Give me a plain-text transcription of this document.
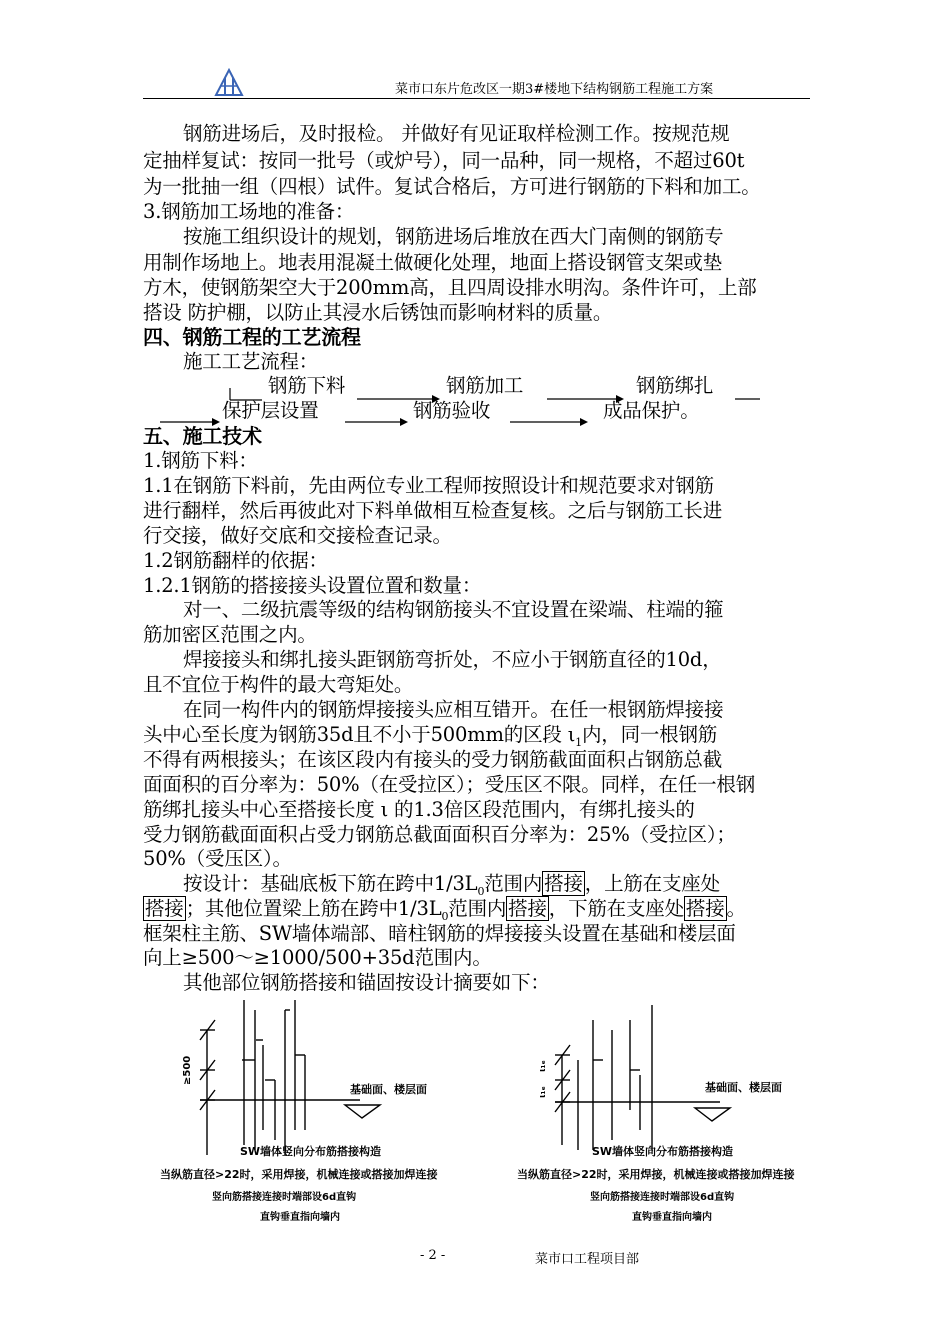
菜市口东片危改区一期3#楼地下结构钢筋工程施工方案
钢筋进场后，及时报检。 并做好有见证取样检测工作。按规范规
定抽样复试：按同一批号（或炉号），同一品种，同一规格，不超过60t
为一批抽一组（四根）试件。复试合格后，方可进行钢筋的下料和加工。
3.钢筋加工场地的准备：
按施工组织设计的规划，钢筋进场后堆放在西大门南侧的钢筋专
用制作场地上。地表用混凝土做硬化处理，地面上搭设钢管支架或垫
方木，使钢筋架空大于200mm高，且四周设排水明沟。条件许可，上部
搭设 防护棚，以防止其浸水后锈蚀而影响材料的质量。
四、钢筋工程的工艺流程
施工工艺流程：
钢筋下料	钢筋加工	钢筋绑扎
保护层设置	钢筋验收	成品保护。
五、施工技术
1.钢筋下料：
1.1在钢筋下料前，先由两位专业工程师按照设计和规范要求对钢筋
进行翻样，然后再彼此对下料单做相互检查复核。之后与钢筋工长进
行交接，做好交底和交接检查记录。
1.2钢筋翻样的依据：
1.2.1钢筋的搭接接头设置位置和数量：
对一、二级抗震等级的结构钢筋接头不宜设置在梁端、柱端的箍
筋加密区范围之内。
焊接接头和绑扎接头距钢筋弯折处，不应小于钢筋直径的10d，
且不宜位于构件的最大弯矩处。
在同一构件内的钢筋焊接接头应相互错开。在任一根钢筋焊接接
头中心至长度为钢筋35d且不小于500mm的区段 $\iota_1$内，同一根钢筋
不得有两根接头；在该区段内有接头的受力钢筋截面面积占钢筋总截
面面积的百分率为：50%（在受拉区）；受压区不限。同样，在任一根钢
筋绑扎接头中心至搭接长度 ι 的1.3倍区段范围内，有绑扎接头的
受力钢筋截面面积占受力钢筋总截面面积百分率为：25%（受拉区）；
50%（受压区）。
按设计：基础底板下筋在跨中$1/3L_0$范围内 搭接 ，上筋在支座处
搭接 ；其他位置梁上筋在跨中$1/3L_0$范围内 搭接 ，下筋在支座处 搭接 。
框架柱主筋、SW墙体端部、暗柱钢筋的焊接接头设置在基础和楼层面
向上≥500～≥1000/500+35d范围内。
其他部位钢筋搭接和锚固按设计摘要如下：
基础面、楼层面
≥500
SW墙体竖向分布筋搭接构造
当纵筋直径>22时，采用焊接，机械连接或搭接加焊连接
竖向筋搭接连接时端部设6d直钩
直钩垂直指向墙内
基础面、楼层面
ι₁ₑ
ι₁ₑ
SW墙体竖向分布筋搭接构造
当纵筋直径>22时，采用焊接，机械连接或搭接加焊连接
竖向筋搭接连接时端部设6d直钩
直钩垂直指向墙内
- 2 -	菜市口工程项目部
